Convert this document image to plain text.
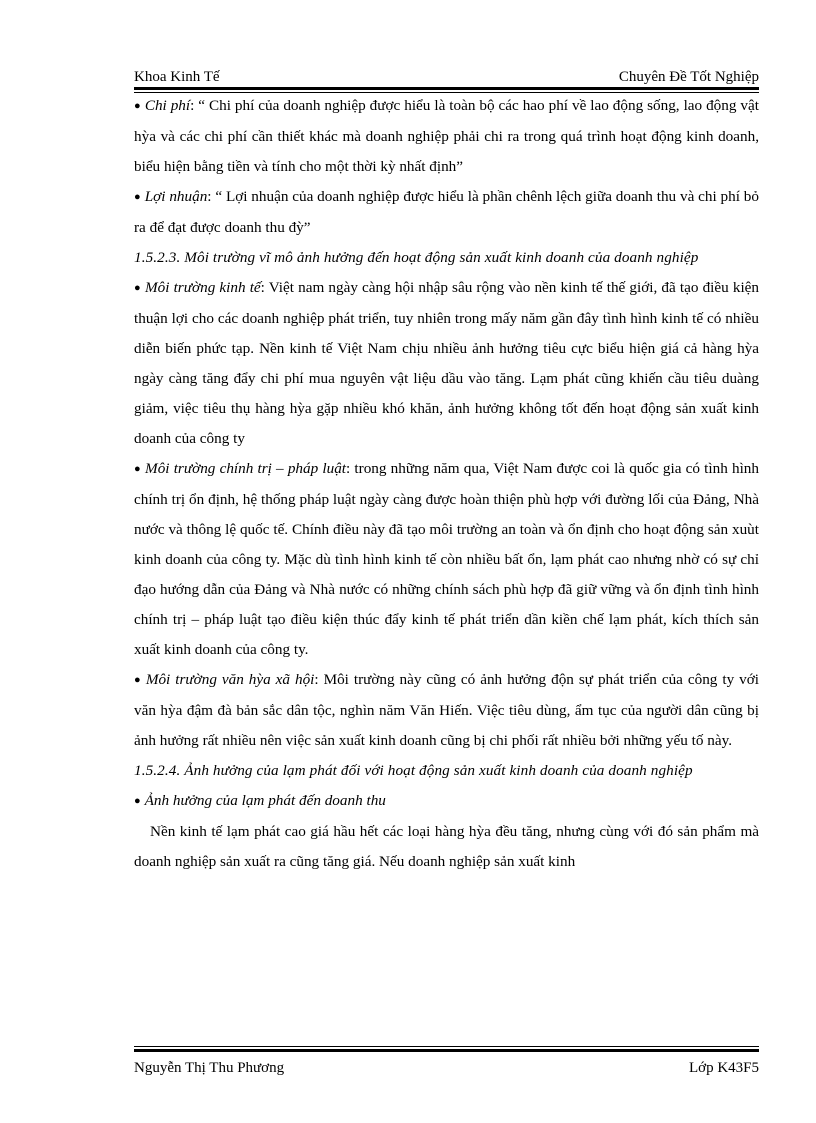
Khoa Kinh Tế	Chuyên Đề Tốt Nghiệp

● Chi phí: “ Chi phí của doanh nghiệp được hiểu là toàn bộ các hao phí về lao động sống, lao động vật hỳa và các chi phí cần thiết khác mà doanh nghiệp phải chi ra trong quá trình hoạt động kinh doanh, biểu hiện bằng tiền và tính cho một thời kỳ nhất định”

● Lợi nhuận: “ Lợi nhuận của doanh nghiệp được hiểu là phần chênh lệch giữa doanh thu và chi phí bỏ ra để đạt được doanh thu đỳ”

1.5.2.3. Môi trường vĩ mô ảnh hưởng đến hoạt động sản xuất kinh doanh của doanh nghiệp

● Môi trường kinh tế: Việt nam ngày càng hội nhập sâu rộng vào nền kinh tế thế giới, đã tạo điều kiện thuận lợi cho các doanh nghiệp phát triển, tuy nhiên trong mấy năm gần đây tình hình kinh tế có nhiều diễn biến phức tạp. Nền kinh tế Việt Nam chịu nhiều ảnh hưởng tiêu cực biểu hiện giá cả hàng hỳa ngày càng tăng đẩy chi phí mua nguyên vật liệu dầu vào tăng. Lạm phát cũng khiến cầu tiêu duàng giảm, việc tiêu thụ hàng hỳa gặp nhiều khó khăn, ảnh hưởng không tốt đến hoạt động sản xuất kinh doanh của công ty

● Môi trường chính trị – pháp luật: trong những năm qua, Việt Nam được coi là quốc gia có tình hình chính trị ổn định, hệ thống pháp luật ngày càng được hoàn thiện phù hợp với đường lối của Đảng, Nhà nước và thông lệ quốc tế. Chính điều này đã tạo môi trường an toàn và ổn định cho hoạt động sản xuùt kinh doanh của công ty. Mặc dù tình hình kinh tế còn nhiều bất ổn, lạm phát cao nhưng nhờ có sự chỉ đạo hướng dẫn của Đảng và Nhà nước có những chính sách phù hợp đã giữ vững và ổn định tình hình chính trị – pháp luật tạo điều kiện thúc đẩy kinh tế phát triển dần kiền chế lạm phát, kích thích sản xuất kinh doanh của công ty.

● Môi trường văn hỳa xã hội: Môi trường này cũng có ảnh hưởng độn sự phát triển của công ty với văn hỳa đậm đà bản sắc dân tộc, nghìn năm Văn Hiến. Việc tiêu dùng, ẩm tục của người dân cũng bị ảnh hưởng rất nhiều nên việc sản xuất kinh doanh cũng bị chi phối rất nhiều bởi những yếu tố này.

1.5.2.4. Ảnh hưởng của lạm phát đối với hoạt động sản xuất kinh doanh của doanh nghiệp

● Ảnh hưởng của lạm phát đến doanh thu

Nền kinh tế lạm phát cao giá hầu hết các loại hàng hỳa đều tăng, nhưng cùng với đó sản phẩm mà doanh nghiệp sản xuất ra cũng tăng giá. Nếu doanh nghiệp sản xuất kinh

Nguyễn Thị Thu Phương	Lớp K43F5
